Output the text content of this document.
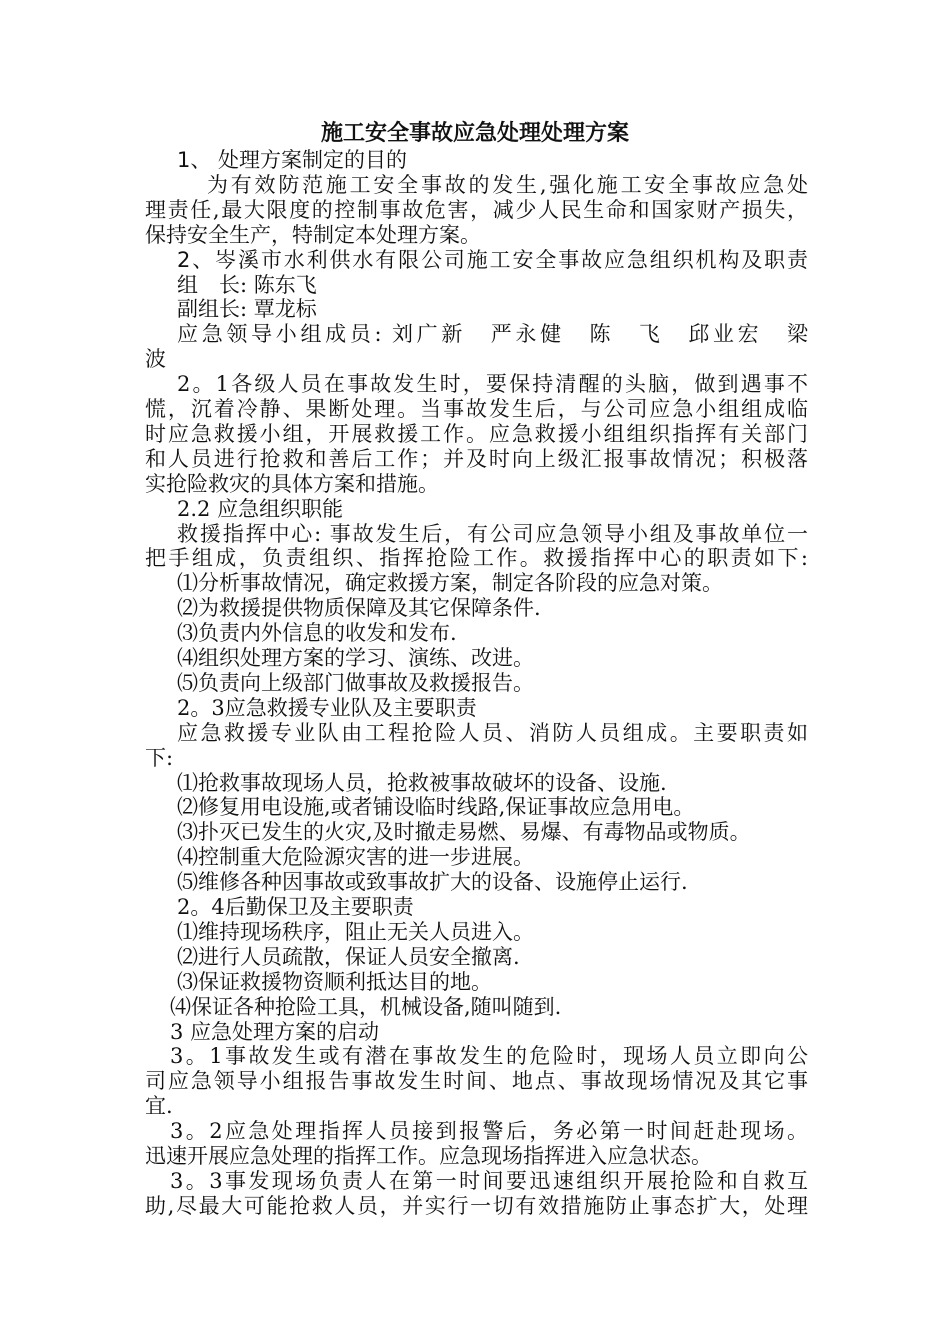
施工安全事故应急处理处理方案
1、 处理方案制定的目的
为有效防范施工安全事故的发生,强化施工安全事故应急处
理责任,最大限度的控制事故危害，减少人民生命和国家财产损失，
保持安全生产，特制定本处理方案。
2、岑溪市水利供水有限公司施工安全事故应急组织机构及职责
组　长: 陈东飞
副组长: 覃龙标
应急领导小组成员: 刘广新　严永健　陈　飞　邱业宏　梁
波
2。1各级人员在事故发生时，要保持清醒的头脑，做到遇事不
慌，沉着冷静、果断处理。当事故发生后，与公司应急小组组成临
时应急救援小组，开展救援工作。应急救援小组组织指挥有关部门
和人员进行抢救和善后工作；并及时向上级汇报事故情况；积极落
实抢险救灾的具体方案和措施。
2.2 应急组织职能
救援指挥中心: 事故发生后，有公司应急领导小组及事故单位一
把手组成，负责组织、指挥抢险工作。救援指挥中心的职责如下:
⑴分析事故情况，确定救援方案，制定各阶段的应急对策。
⑵为救援提供物质保障及其它保障条件.
⑶负责内外信息的收发和发布.
⑷组织处理方案的学习、演练、改进。
⑸负责向上级部门做事故及救援报告。
2。3应急救援专业队及主要职责
应急救援专业队由工程抢险人员、消防人员组成。主要职责如
下:
⑴抢救事故现场人员，抢救被事故破坏的设备、设施.
⑵修复用电设施,或者铺设临时线路,保证事故应急用电。
⑶扑灭已发生的火灾,及时撤走易燃、易爆、有毒物品或物质。
⑷控制重大危险源灾害的进一步进展。
⑸维修各种因事故或致事故扩大的设备、设施停止运行.
2。4后勤保卫及主要职责
⑴维持现场秩序，阻止无关人员进入。
⑵进行人员疏散，保证人员安全撤离.
⑶保证救援物资顺利抵达目的地。
⑷保证各种抢险工具，机械设备,随叫随到.
3 应急处理方案的启动
3。1事故发生或有潜在事故发生的危险时，现场人员立即向公
司应急领导小组报告事故发生时间、地点、事故现场情况及其它事
宜.
3。2应急处理指挥人员接到报警后，务必第一时间赶赴现场。
迅速开展应急处理的指挥工作。应急现场指挥进入应急状态。
3。3事发现场负责人在第一时间要迅速组织开展抢险和自救互
助,尽最大可能抢救人员，并实行一切有效措施防止事态扩大，处理
